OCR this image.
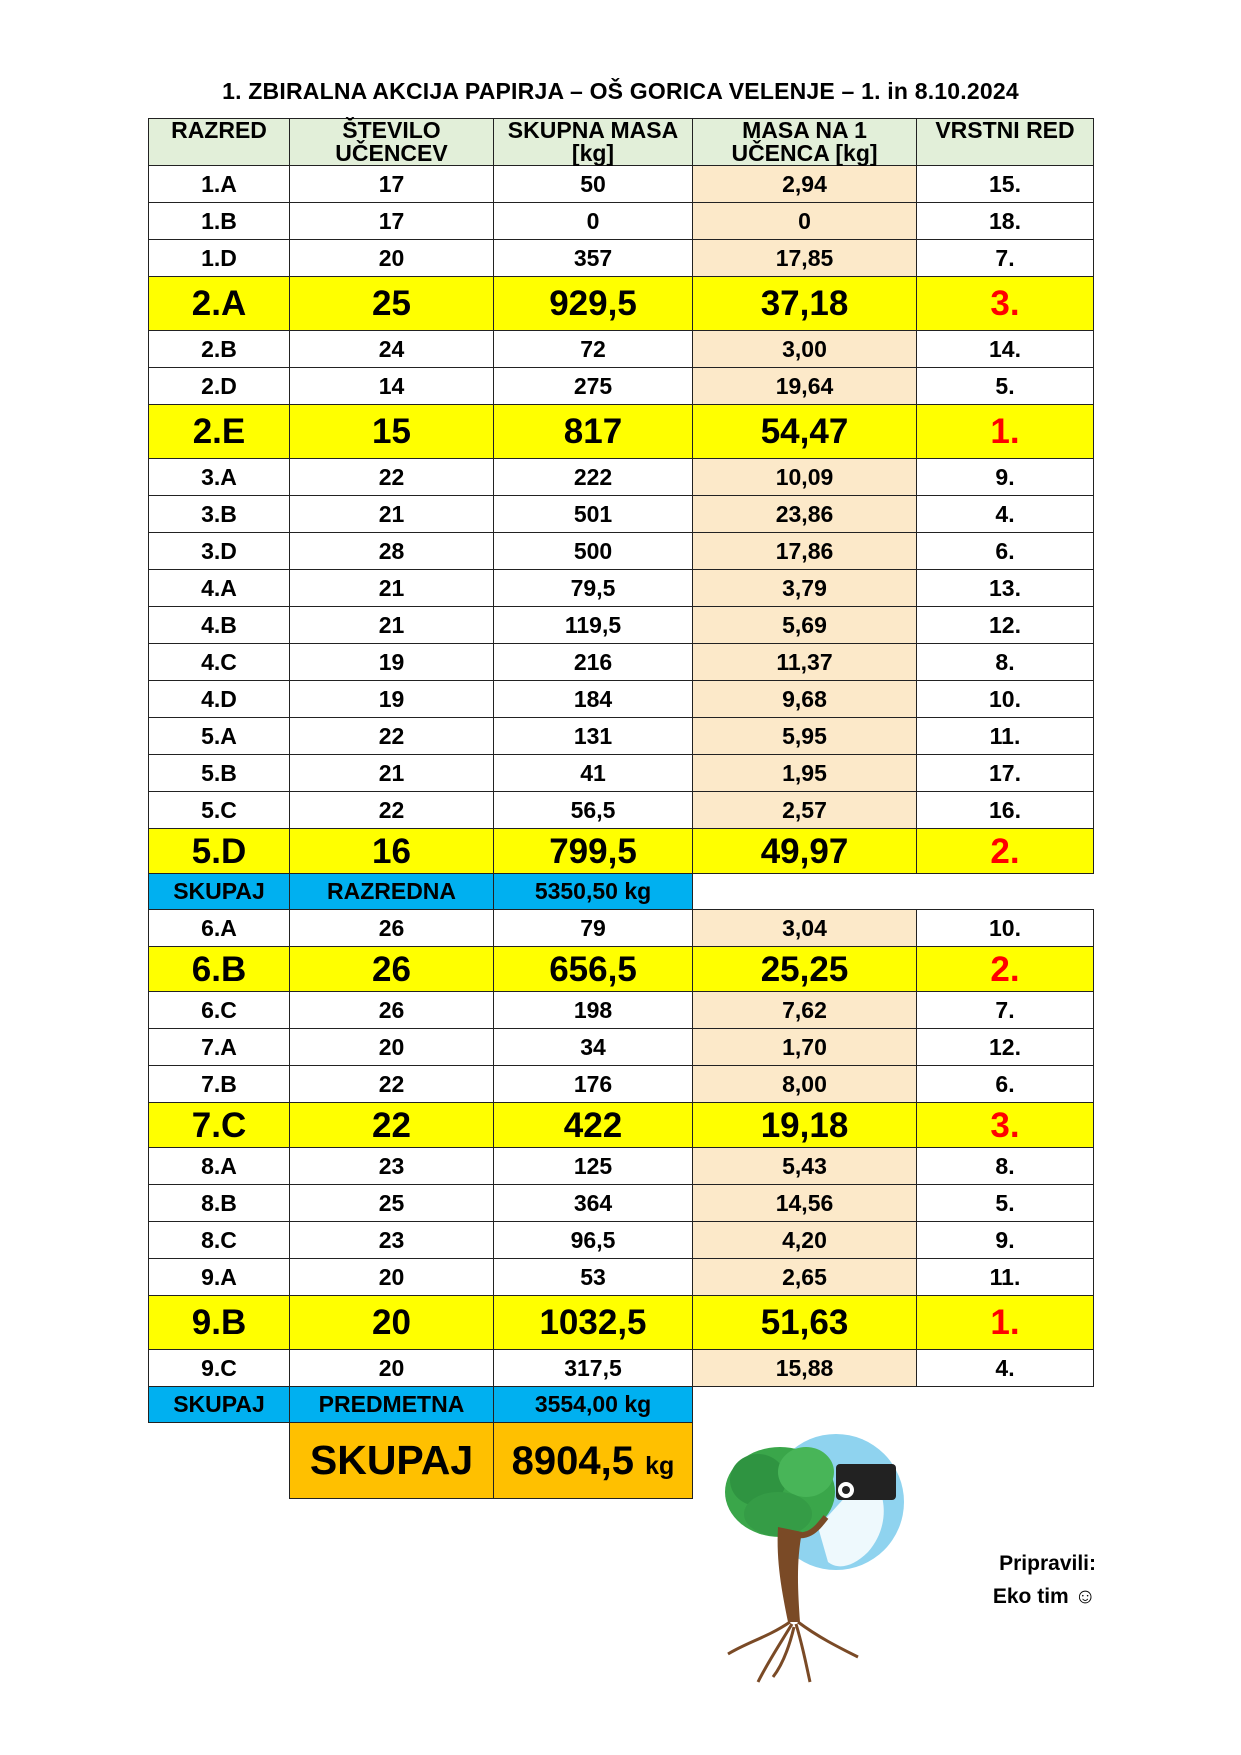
1. ZBIRALNA AKCIJA PAPIRJA – OŠ GORICA VELENJE – 1. in 8.10.2024
RAZRED	ŠTEVILO UČENCEV	SKUPNA MASA [kg]	MASA NA 1 UČENCA [kg]	VRSTNI RED
1.A	17	50	2,94	15.
1.B	17	0	0	18.
1.D	20	357	17,85	7.
2.A	25	929,5	37,18	3.
2.B	24	72	3,00	14.
2.D	14	275	19,64	5.
2.E	15	817	54,47	1.
3.A	22	222	10,09	9.
3.B	21	501	23,86	4.
3.D	28	500	17,86	6.
4.A	21	79,5	3,79	13.
4.B	21	119,5	5,69	12.
4.C	19	216	11,37	8.
4.D	19	184	9,68	10.
5.A	22	131	5,95	11.
5.B	21	41	1,95	17.
5.C	22	56,5	2,57	16.
5.D	16	799,5	49,97	2.
SKUPAJ	RAZREDNA	5350,50 kg		
6.A	26	79	3,04	10.
6.B	26	656,5	25,25	2.
6.C	26	198	7,62	7.
7.A	20	34	1,70	12.
7.B	22	176	8,00	6.
7.C	22	422	19,18	3.
8.A	23	125	5,43	8.
8.B	25	364	14,56	5.
8.C	23	96,5	4,20	9.
9.A	20	53	2,65	11.
9.B	20	1032,5	51,63	1.
9.C	20	317,5	15,88	4.
SKUPAJ	PREDMETNA	3554,00 kg		
	SKUPAJ	8904,5 kg		
Pripravili:
Eko tim ☺
